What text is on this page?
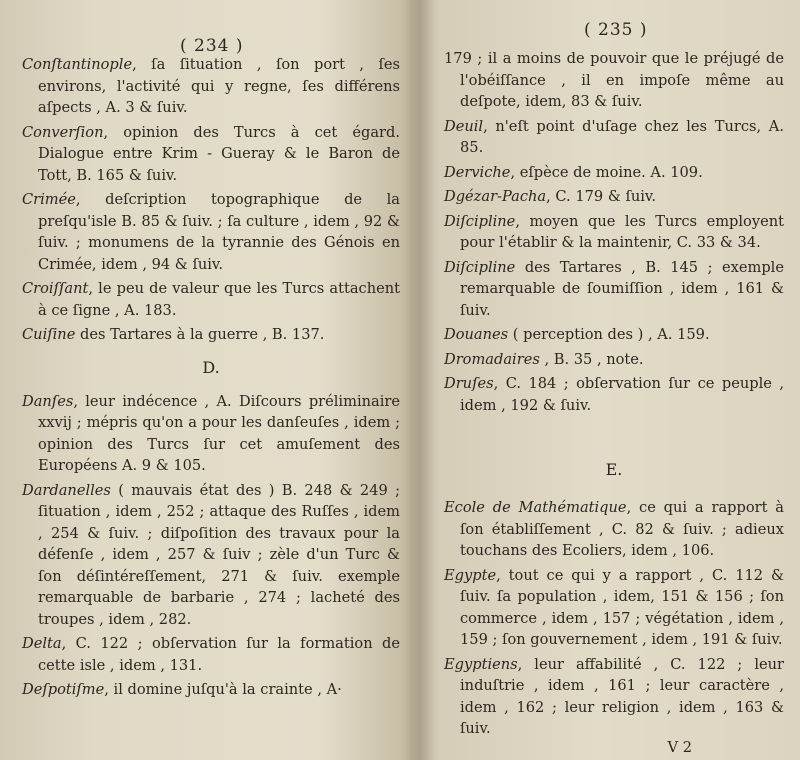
( 234 )

Conſtantinople, ſa ſituation , ſon port , ſes environs, l'activité qui y regne, ſes différens aſpects , A. 3 & ſuiv.

Converſion, opinion des Turcs à cet égard. Dialogue entre Krim - Gueray & le Baron de Tott, B. 165 & ſuiv.

Crimée, deſcription topographique de la preſqu'isle B. 85 & ſuiv. ; ſa culture , idem , 92 & ſuiv. ; monumens de la tyrannie des Génois en Crimée, idem , 94 & ſuiv.

Croiſſant, le peu de valeur que les Turcs attachent à ce ſigne , A. 183.

Cuiſine des Tartares à la guerre , B. 137.

D.

Danſes, leur indécence , A. Diſcours préliminaire xxvij ; mépris qu'on a pour les danſeuſes , idem ; opinion des Turcs ſur cet amuſement des Européens A. 9 & 105.

Dardanelles ( mauvais état des ) B. 248 & 249 ; ſituation , idem , 252 ; attaque des Ruſſes , idem , 254 & ſuiv. ; diſpoſition des travaux pour la défenſe , idem , 257 & ſuiv ; zèle d'un Turc & ſon déſintéreſſement, 271 & ſuiv. exemple remarquable de barbarie , 274 ; lacheté des troupes , idem , 282.

Delta, C. 122 ; obſervation ſur la formation de cette isle , idem , 131.

Deſpotiſme, il domine juſqu'à la crainte , A·

( 235 )

179 ; il a moins de pouvoir que le préjugé de l'obéiſſance , il en impoſe même au deſpote, idem, 83 & ſuiv.

Deuil, n'eſt point d'uſage chez les Turcs, A. 85.

Derviche, eſpèce de moine. A. 109.

Dgézar-Pacha, C. 179 & ſuiv.

Diſcipline, moyen que les Turcs employent pour l'établir & la maintenir, C. 33 & 34.

Diſcipline des Tartares , B. 145 ; exemple remarquable de ſoumiſſion , idem , 161 & ſuiv.

Douanes ( perception des ) , A. 159.

Dromadaires , B. 35 , note.

Druſes, C. 184 ; obſervation ſur ce peuple , idem , 192 & ſuiv.

E.

Ecole de Mathématique, ce qui a rapport à ſon établiſſement , C. 82 & ſuiv. ; adieux touchans des Ecoliers, idem , 106.

Egypte, tout ce qui y a rapport , C. 112 & ſuiv. ſa population , idem, 151 & 156 ; ſon commerce , idem , 157 ; végétation , idem , 159 ; ſon gouvernement , idem , 191 & ſuiv.

Egyptiens, leur affabilité , C. 122 ; leur induſtrie , idem , 161 ; leur caractère , idem , 162 ; leur religion , idem , 163 & ſuiv.

V 2
